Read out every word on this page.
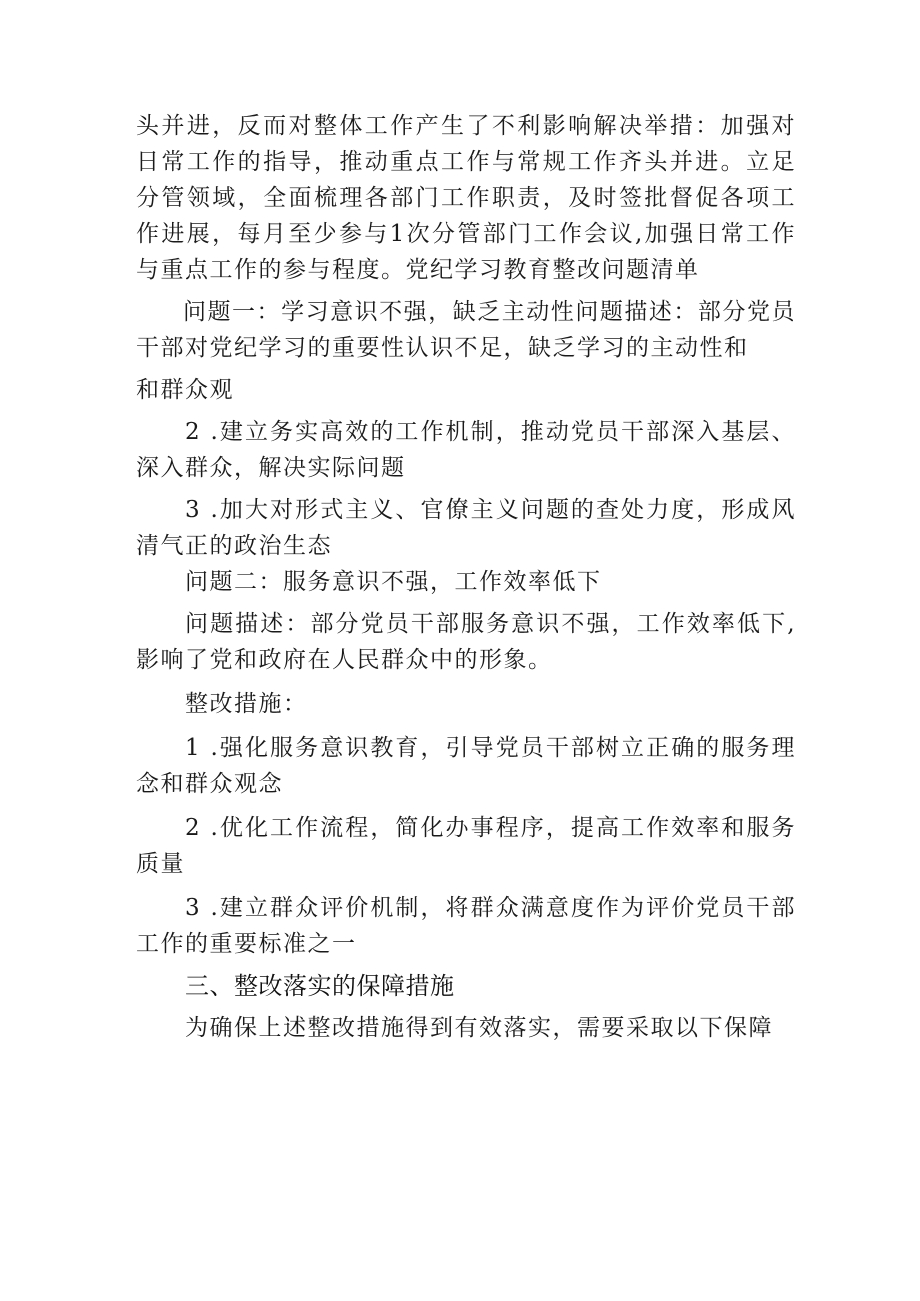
头并进，反而对整体工作产生了不利影响解决举措：加强对日常工作的指导，推动重点工作与常规工作齐头并进。立足分管领域，全面梳理各部门工作职责，及时签批督促各项工作进展，每月至少参与1次分管部门工作会议,加强日常工作与重点工作的参与程度。党纪学习教育整改问题清单

问题一：学习意识不强，缺乏主动性问题描述：部分党员干部对党纪学习的重要性认识不足，缺乏学习的主动性和

和群众观

2 .建立务实高效的工作机制，推动党员干部深入基层、深入群众，解决实际问题

3 .加大对形式主义、官僚主义问题的查处力度，形成风清气正的政治生态

问题二：服务意识不强，工作效率低下

问题描述：部分党员干部服务意识不强，工作效率低下,影响了党和政府在人民群众中的形象。

整改措施：

1 .强化服务意识教育，引导党员干部树立正确的服务理念和群众观念

2 .优化工作流程，简化办事程序，提高工作效率和服务质量

3 .建立群众评价机制，将群众满意度作为评价党员干部工作的重要标准之一

三、整改落实的保障措施

为确保上述整改措施得到有效落实，需要采取以下保障
